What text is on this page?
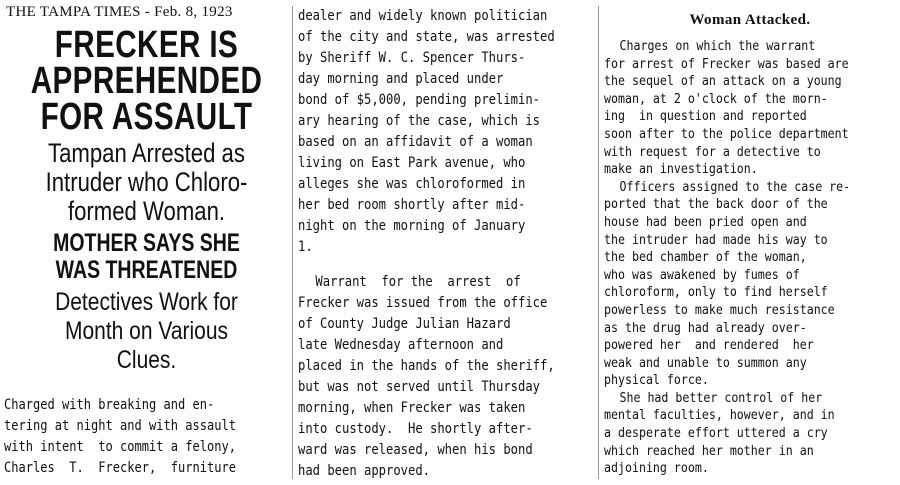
THE TAMPA TIMES - Feb. 8, 1923
FRECKER IS
APPREHENDED
FOR ASSAULT
Tampan Arrested as
Intruder who Chloro-
formed Woman.
MOTHER SAYS SHE
WAS THREATENED
Detectives Work for
Month on Various
Clues.
Charged with breaking and en-
tering at night and with assault
with intent  to commit a felony,
Charles  T.  Frecker,  furniture
dealer and widely known politician
of the city and state, was arrested
by Sheriff W. C. Spencer Thurs-
day morning and placed under
bond of $5,000, pending prelimin-
ary hearing of the case, which is
based on an affidavit of a woman
living on East Park avenue, who
alleges she was chloroformed in
her bed room shortly after mid-
night on the morning of January
1.
Warrant  for the  arrest  of
Frecker was issued from the office
of County Judge Julian Hazard
late Wednesday afternoon and
placed in the hands of the sheriff,
but was not served until Thursday
morning, when Frecker was taken
into custody.  He shortly after-
ward was released, when his bond
had been approved.
Woman Attacked.
Charges on which the warrant
for arrest of Frecker was based are
the sequel of an attack on a young
woman, at 2 o'clock of the morn-
ing  in question and reported
soon after to the police department
with request for a detective to
make an investigation.
Officers assigned to the case re-
ported that the back door of the
house had been pried open and
the intruder had made his way to
the bed chamber of the woman,
who was awakened by fumes of
chloroform, only to find herself
powerless to make much resistance
as the drug had already over-
powered her  and rendered  her
weak and unable to summon any
physical force.
She had better control of her
mental faculties, however, and in
a desperate effort uttered a cry
which reached her mother in an
adjoining room.
